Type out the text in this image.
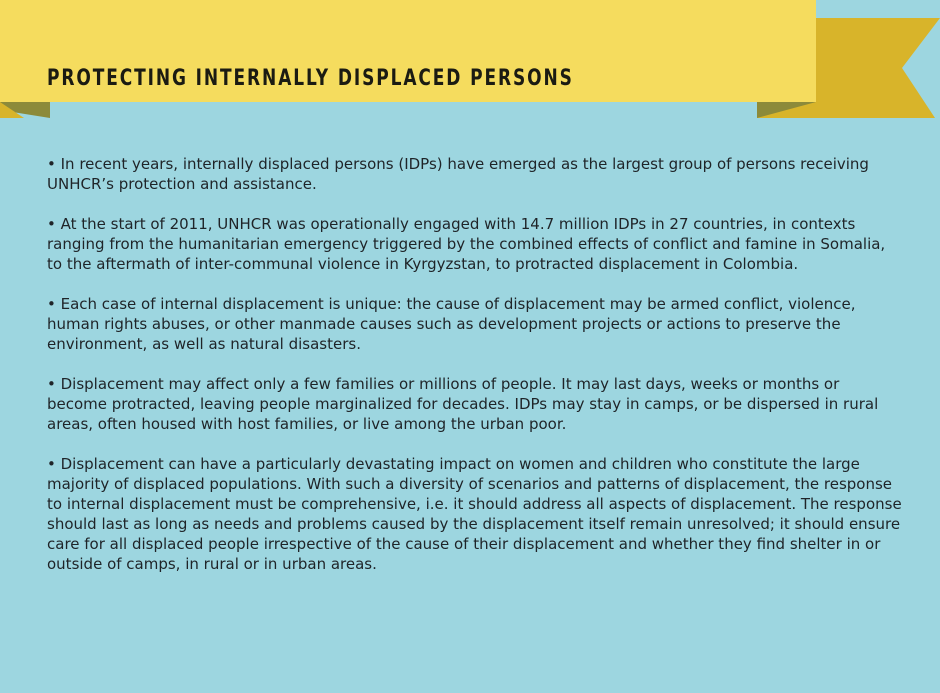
PROTECTING INTERNALLY DISPLACED PERSONS

• In recent years, internally displaced persons (IDPs) have emerged as the largest group of persons receiving UNHCR’s protection and assistance.

• At the start of 2011, UNHCR was operationally engaged with 14.7 million IDPs in 27 countries, in contexts ranging from the humanitarian emergency triggered by the combined effects of conflict and famine in Somalia, to the aftermath of inter-communal violence in Kyrgyzstan, to protracted displacement in Colombia.

• Each case of internal displacement is unique: the cause of displacement may be armed conflict, violence, human rights abuses, or other manmade causes such as development projects or actions to preserve the environment, as well as natural disasters.

• Displacement may affect only a few families or millions of people. It may last days, weeks or months or become protracted, leaving people marginalized for decades. IDPs may stay in camps, or be dispersed in rural areas, often housed with host families, or live among the urban poor.

• Displacement can have a particularly devastating impact on women and children who constitute the large majority of displaced populations. With such a diversity of scenarios and patterns of displacement, the response to internal displacement must be comprehensive, i.e. it should address all aspects of displacement. The response should last as long as needs and problems caused by the displacement itself remain unresolved; it should ensure care for all displaced people irrespective of the cause of their displacement and whether they find shelter in or outside of camps, in rural or in urban areas.
